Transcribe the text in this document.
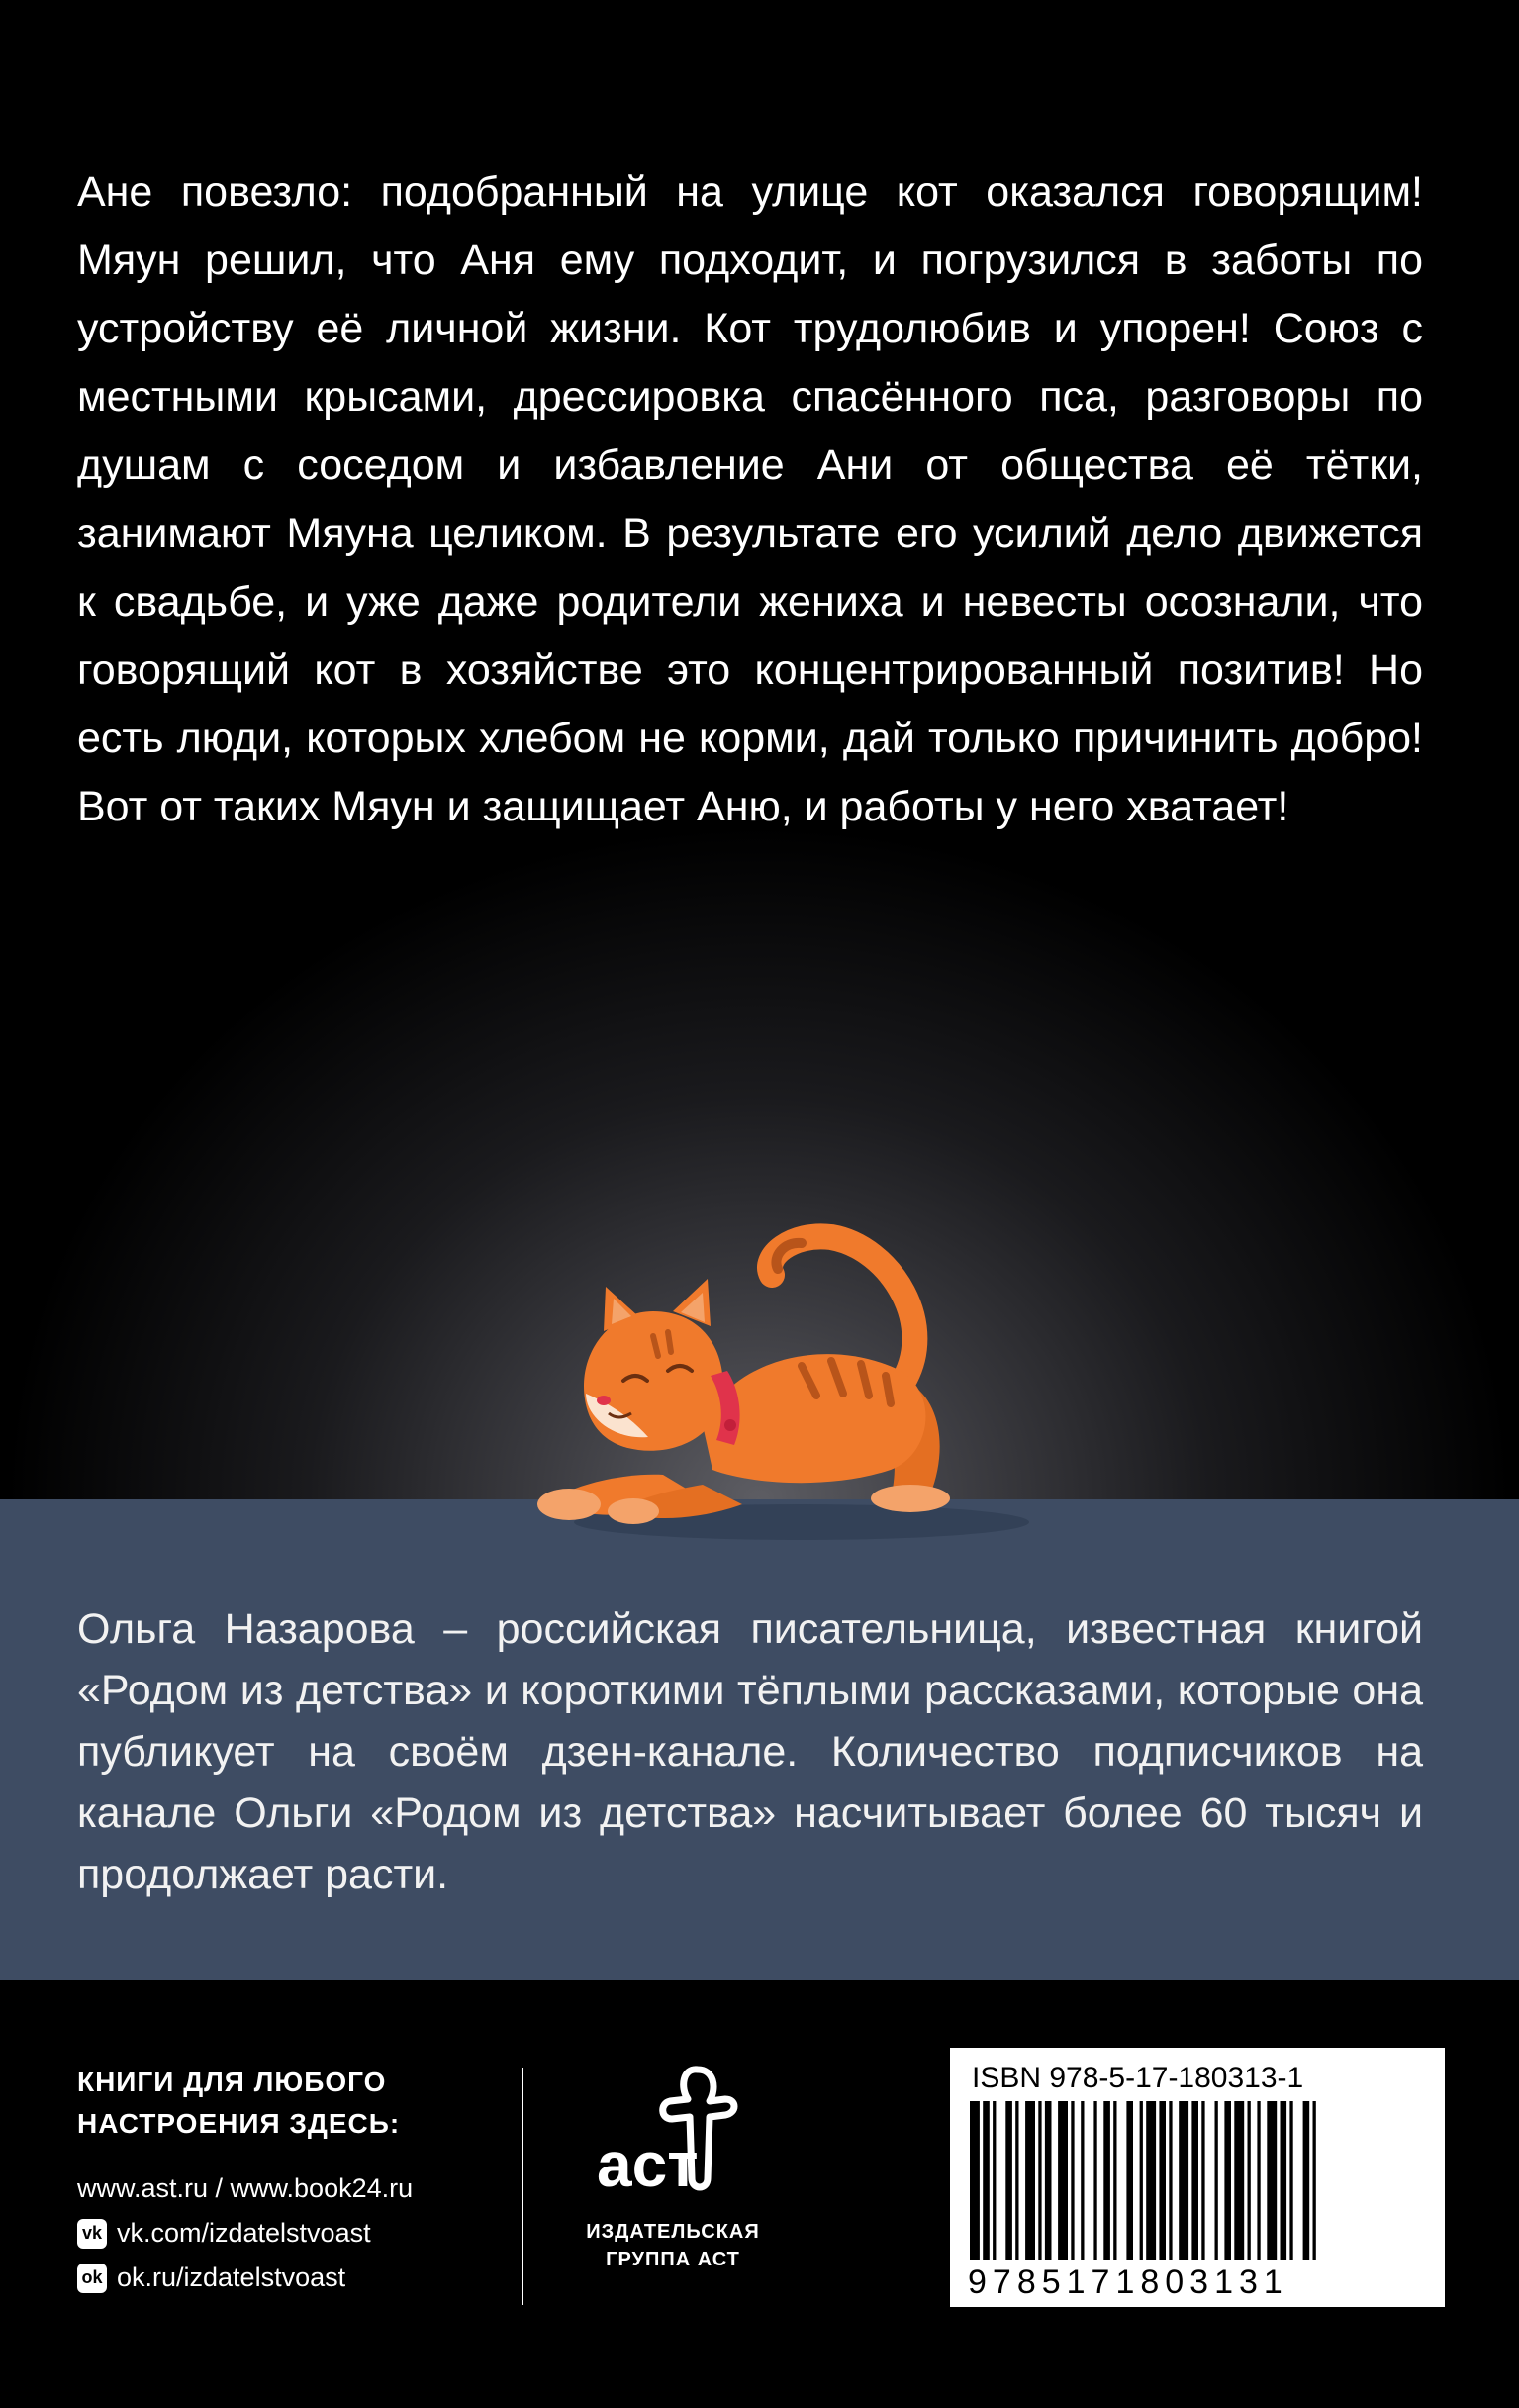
Ане повезло: подобранный на улице кот оказался говорящим! Мяун решил, что Аня ему подходит, и погрузился в заботы по устройству её личной жизни. Кот трудолюбив и упорен! Союз с местными крысами, дрессировка спасённого пса, разговоры по душам с соседом и избавление Ани от общества её тётки, занимают Мяуна целиком. В результате его усилий дело движется к свадьбе, и уже даже родители жениха и невесты осознали, что говорящий кот в хозяйстве это концентрированный позитив! Но есть люди, которых хлебом не корми, дай только причинить добро! Вот от таких Мяун и защищает Аню, и работы у него хватает!

Ольга Назарова – российская писательница, известная книгой «Родом из детства» и короткими тёплыми рассказами, которые она публикует на своём дзен-канале. Количество подписчиков на канале Ольги «Родом из детства» насчитывает более 60 тысяч и продолжает расти.

КНИГИ ДЛЯ ЛЮБОГО
НАСТРОЕНИЯ ЗДЕСЬ:
www.ast.ru / www.book24.ru
vk vk.com/izdatelstvoast
ok ok.ru/izdatelstvoast
аст
ИЗДАТЕЛЬСКАЯ
ГРУППА АСТ
ISBN 978-5-17-180313-1
9785171803131
